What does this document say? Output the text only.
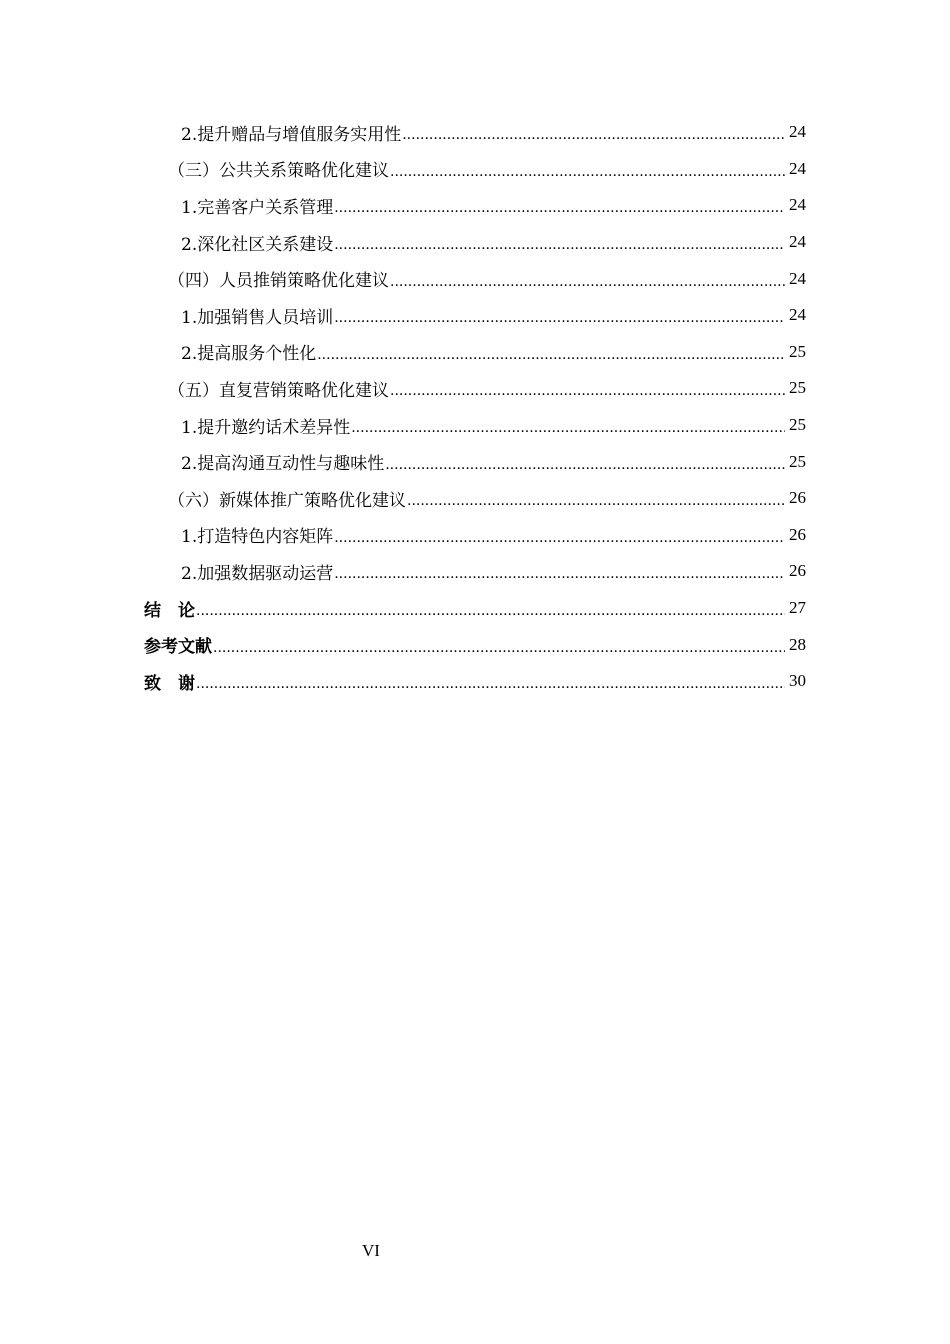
2.提升赠品与增值服务实用性 .....	24
（三）公共关系策略优化建议 .....	24
1.完善客户关系管理 .....	24
2.深化社区关系建设 .....	24
（四）人员推销策略优化建议 .....	24
1.加强销售人员培训 .....	24
2.提高服务个性化 .....	25
（五）直复营销策略优化建议 .....	25
1.提升邀约话术差异性 .....	25
2.提高沟通互动性与趣味性 .....	25
（六）新媒体推广策略优化建议 .....	26
1.打造特色内容矩阵 .....	26
2.加强数据驱动运营 .....	26
结　论 .....	27
参考文献 .....	28
致　谢 .....	30
VI
